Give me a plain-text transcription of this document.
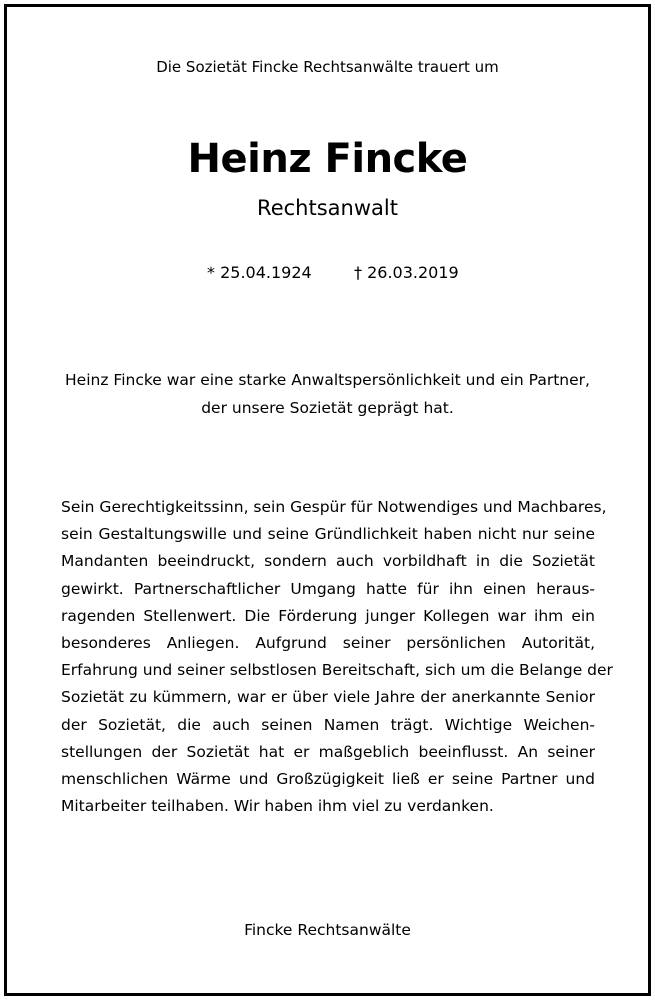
Die Sozietät Fincke Rechtsanwälte trauert um
Heinz Fincke
Rechtsanwalt
* 25.04.1924	† 26.03.2019
Heinz Fincke war eine starke Anwaltspersönlichkeit und ein Partner,
der unsere Sozietät geprägt hat.
Sein Gerechtigkeitssinn, sein Gespür für Notwendiges und Machbares,
sein Gestaltungswille und seine Gründlichkeit haben nicht nur seine
Mandanten beeindruckt, sondern auch vorbildhaft in die Sozietät
gewirkt. Partnerschaftlicher Umgang hatte für ihn einen heraus-
ragenden Stellenwert. Die Förderung junger Kollegen war ihm ein
besonderes Anliegen. Aufgrund seiner persönlichen Autorität,
Erfahrung und seiner selbstlosen Bereitschaft, sich um die Belange der
Sozietät zu kümmern, war er über viele Jahre der anerkannte Senior
der Sozietät, die auch seinen Namen trägt. Wichtige Weichen-
stellungen der Sozietät hat er maßgeblich beeinflusst. An seiner
menschlichen Wärme und Großzügigkeit ließ er seine Partner und
Mitarbeiter teilhaben. Wir haben ihm viel zu verdanken.
Fincke Rechtsanwälte
